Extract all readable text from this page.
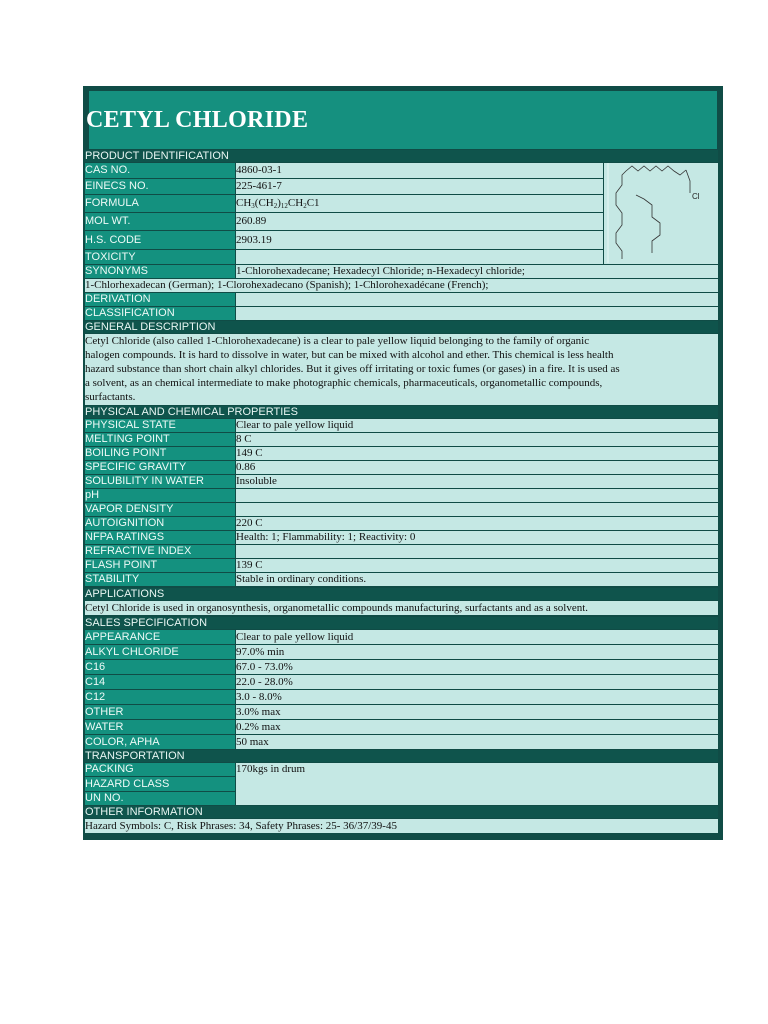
CETYL CHLORIDE
PRODUCT IDENTIFICATION
CAS NO.	4860-03-1
EINECS NO.	225-461-7
FORMULA	$CH_3(CH_2)_{12}CH_2C1$
MOL WT.	260.89
H.S. CODE	2903.19
TOXICITY
Cl
SYNONYMS	1-Chlorohexadecane; Hexadecyl Chloride; n-Hexadecyl chloride;
1-Chlorhexadecan (German); 1-Clorohexadecano (Spanish); 1-Chlorohexadécane (French);
DERIVATION
CLASSIFICATION
GENERAL DESCRIPTION
Cetyl Chloride (also called 1-Chlorohexadecane) is a clear to pale yellow liquid belonging to the family of organic
halogen compounds. It is hard to dissolve in water, but can be mixed with alcohol and ether. This chemical is less health
hazard substance than short chain alkyl chlorides. But it gives off irritating or toxic fumes (or gases) in a fire. It is used as
a solvent, as an chemical intermediate to make photographic chemicals, pharmaceuticals, organometallic compounds,
surfactants.
PHYSICAL AND CHEMICAL PROPERTIES
PHYSICAL STATE	Clear to pale yellow liquid
MELTING POINT	8 C
BOILING POINT	149 C
SPECIFIC GRAVITY	0.86
SOLUBILITY IN WATER	Insoluble
pH
VAPOR DENSITY
AUTOIGNITION	220 C
NFPA RATINGS	Health: 1; Flammability: 1; Reactivity: 0
REFRACTIVE INDEX
FLASH POINT	139 C
STABILITY	Stable in ordinary conditions.
APPLICATIONS
Cetyl Chloride is used in organosynthesis, organometallic compounds manufacturing, surfactants and as a solvent.
SALES SPECIFICATION
APPEARANCE	Clear to pale yellow liquid
ALKYL CHLORIDE	97.0% min
C16	67.0 - 73.0%
C14	22.0 - 28.0%
C12	3.0 - 8.0%
OTHER	3.0% max
WATER	0.2% max
COLOR, APHA	50 max
TRANSPORTATION
PACKING	170kgs in drum
HAZARD CLASS
UN NO.
OTHER INFORMATION
Hazard Symbols: C, Risk Phrases: 34, Safety Phrases: 25- 36/37/39-45
